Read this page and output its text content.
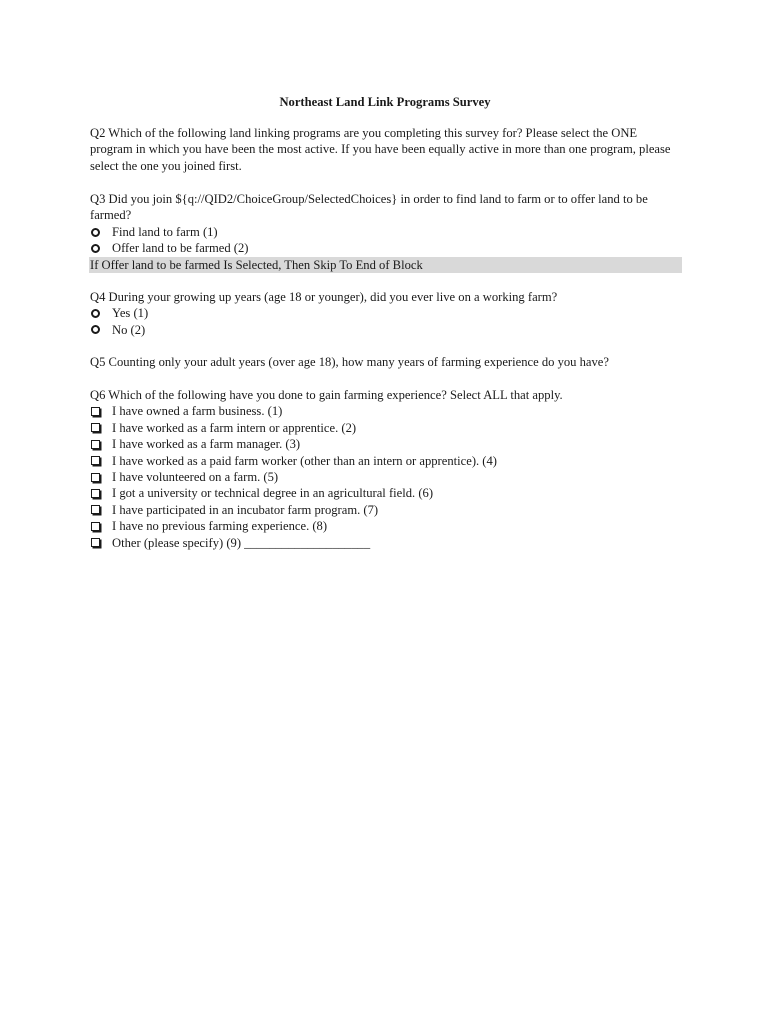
Northeast Land Link Programs Survey

Q2 Which of the following land linking programs are you completing this survey for? Please select the ONE program in which you have been the most active. If you have been equally active in more than one program, please select the one you joined first.

Q3 Did you join ${q://QID2/ChoiceGroup/SelectedChoices} in order to find land to farm or to offer land to be farmed?

Find land to farm (1)
Offer land to be farmed (2)
If Offer land to be farmed Is Selected, Then Skip To End of Block

Q4 During your growing up years (age 18 or younger), did you ever live on a working farm?

Yes (1)
No (2)

Q5 Counting only your adult years (over age 18), how many years of farming experience do you have?

Q6 Which of the following have you done to gain farming experience? Select ALL that apply.

I have owned a farm business. (1)
I have worked as a farm intern or apprentice. (2)
I have worked as a farm manager. (3)
I have worked as a paid farm worker (other than an intern or apprentice). (4)
I have volunteered on a farm. (5)
I got a university or technical degree in an agricultural field. (6)
I have participated in an incubator farm program. (7)
I have no previous farming experience. (8)
Other (please specify) (9) ____________________
